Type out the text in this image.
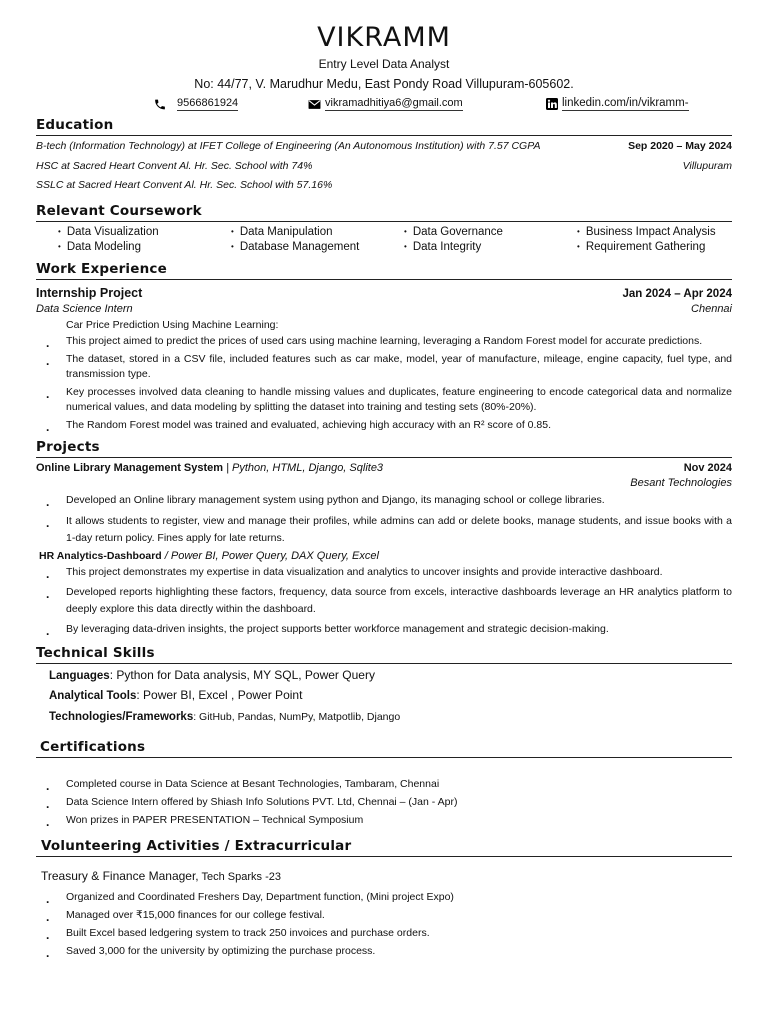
VIKRAMM
Entry Level Data Analyst
No: 44/77, V. Marudhur Medu, East Pondy Road Villupuram-605602.
9566861924	vikramadhitiya6@gmail.com	linkedin.com/in/vikramm-
Education
B-tech (Information Technology) at IFET College of Engineering (An Autonomous Institution) with 7.57 CGPA	Sep 2020 – May 2024
HSC at Sacred Heart Convent Al. Hr. Sec. School with 74%	Villupuram
SSLC at Sacred Heart Convent Al. Hr. Sec. School with 57.16%
Relevant Coursework
• Data Visualization	• Data Manipulation	• Data Governance	• Business Impact Analysis
• Data Modeling	• Database Management	• Data Integrity	• Requirement Gathering
Work Experience
Internship Project	Jan 2024 – Apr 2024
Data Science Intern	Chennai
Car Price Prediction Using Machine Learning:
. This project aimed to predict the prices of used cars using machine learning, leveraging a Random Forest model for accurate predictions.
. The dataset, stored in a CSV file, included features such as car make, model, year of manufacture, mileage, engine capacity, fuel type, and transmission type.
. Key processes involved data cleaning to handle missing values and duplicates, feature engineering to encode categorical data and normalize numerical values, and data modeling by splitting the dataset into training and testing sets (80%-20%).
. The Random Forest model was trained and evaluated, achieving high accuracy with an R² score of 0.85.
Projects
Online Library Management System | Python, HTML, Django, Sqlite3	Nov 2024
Besant Technologies
. Developed an Online library management system using python and Django, its managing school or college libraries.
. It allows students to register, view and manage their profiles, while admins can add or delete books, manage students, and issue books with a 1-day return policy. Fines apply for late returns.
HR Analytics-Dashboard / Power BI, Power Query, DAX Query, Excel
. This project demonstrates my expertise in data visualization and analytics to uncover insights and provide interactive dashboard.
. Developed reports highlighting these factors, frequency, data source from excels, interactive dashboards leverage an HR analytics platform to deeply explore this data directly within the dashboard.
. By leveraging data-driven insights, the project supports better workforce management and strategic decision-making.
Technical Skills
Languages: Python for Data analysis, MY SQL, Power Query
Analytical Tools: Power BI, Excel , Power Point
Technologies/Frameworks: GitHub, Pandas, NumPy, Matpotlib, Django
Certifications
. Completed course in Data Science at Besant Technologies, Tambaram, Chennai
. Data Science Intern offered by Shiash Info Solutions PVT. Ltd, Chennai – (Jan - Apr)
. Won prizes in PAPER PRESENTATION – Technical Symposium
Volunteering Activities / Extracurricular
Treasury & Finance Manager, Tech Sparks -23
. Organized and Coordinated Freshers Day, Department function, (Mini project Expo)
. Managed over ₹15,000 finances for our college festival.
. Built Excel based ledgering system to track 250 invoices and purchase orders.
. Saved 3,000 for the university by optimizing the purchase process.
